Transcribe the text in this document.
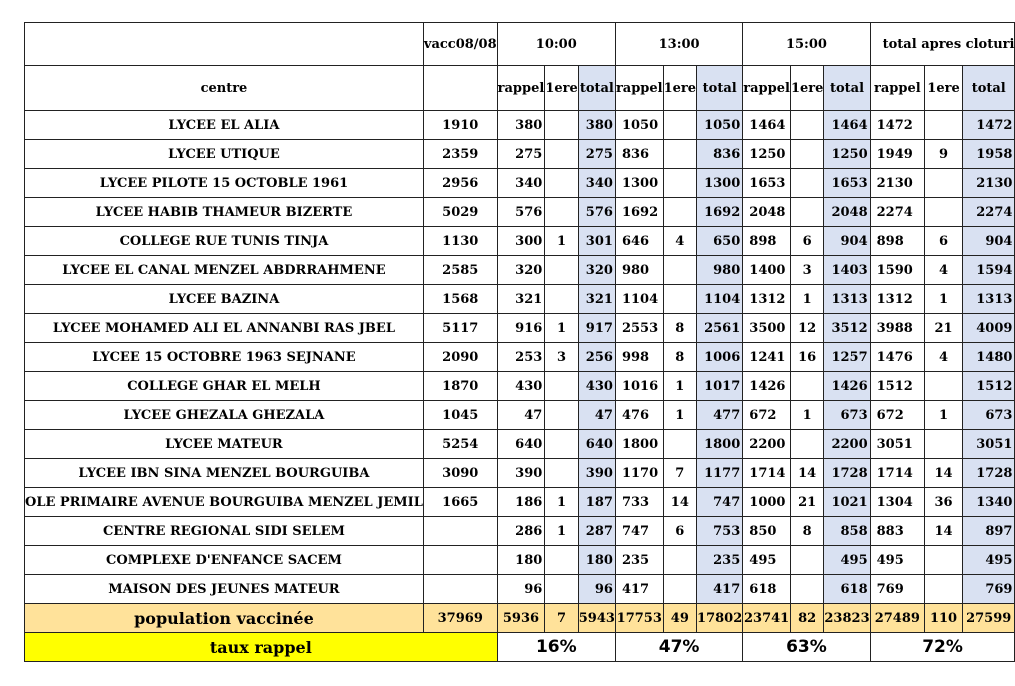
	vacc08/08	10:00			13:00			15:00			total apres cloturi		
centre		rappel	1ere	total	rappel	1ere	total	rappel	1ere	total	rappel	1ere	total
LYCEE EL ALIA	1910	380		380	1050		1050	1464		1464	1472		1472
LYCEE UTIQUE	2359	275		275	836		836	1250		1250	1949	9	1958
LYCEE PILOTE 15 OCTOBLE 1961	2956	340		340	1300		1300	1653		1653	2130		2130
LYCEE HABIB THAMEUR BIZERTE	5029	576		576	1692		1692	2048		2048	2274		2274
COLLEGE RUE TUNIS TINJA	1130	300	1	301	646	4	650	898	6	904	898	6	904
LYCEE EL CANAL MENZEL ABDRRAHMENE	2585	320		320	980		980	1400	3	1403	1590	4	1594
LYCEE BAZINA	1568	321		321	1104		1104	1312	1	1313	1312	1	1313
LYCEE MOHAMED ALI EL ANNANBI RAS JBEL	5117	916	1	917	2553	8	2561	3500	12	3512	3988	21	4009
LYCEE 15 OCTOBRE 1963 SEJNANE	2090	253	3	256	998	8	1006	1241	16	1257	1476	4	1480
COLLEGE GHAR EL MELH	1870	430		430	1016	1	1017	1426		1426	1512		1512
LYCEE GHEZALA GHEZALA	1045	47		47	476	1	477	672	1	673	672	1	673
LYCEE MATEUR	5254	640		640	1800		1800	2200		2200	3051		3051
LYCEE IBN SINA MENZEL BOURGUIBA	3090	390		390	1170	7	1177	1714	14	1728	1714	14	1728
OLE PRIMAIRE AVENUE BOURGUIBA MENZEL JEMIL	1665	186	1	187	733	14	747	1000	21	1021	1304	36	1340
CENTRE REGIONAL SIDI SELEM		286	1	287	747	6	753	850	8	858	883	14	897
COMPLEXE D'ENFANCE SACEM		180		180	235		235	495		495	495		495
MAISON DES JEUNES MATEUR		96		96	417		417	618		618	769		769
population vaccinée	37969	5936	7	5943	17753	49	17802	23741	82	23823	27489	110	27599
taux rappel		16%			47%			63%			72%		
